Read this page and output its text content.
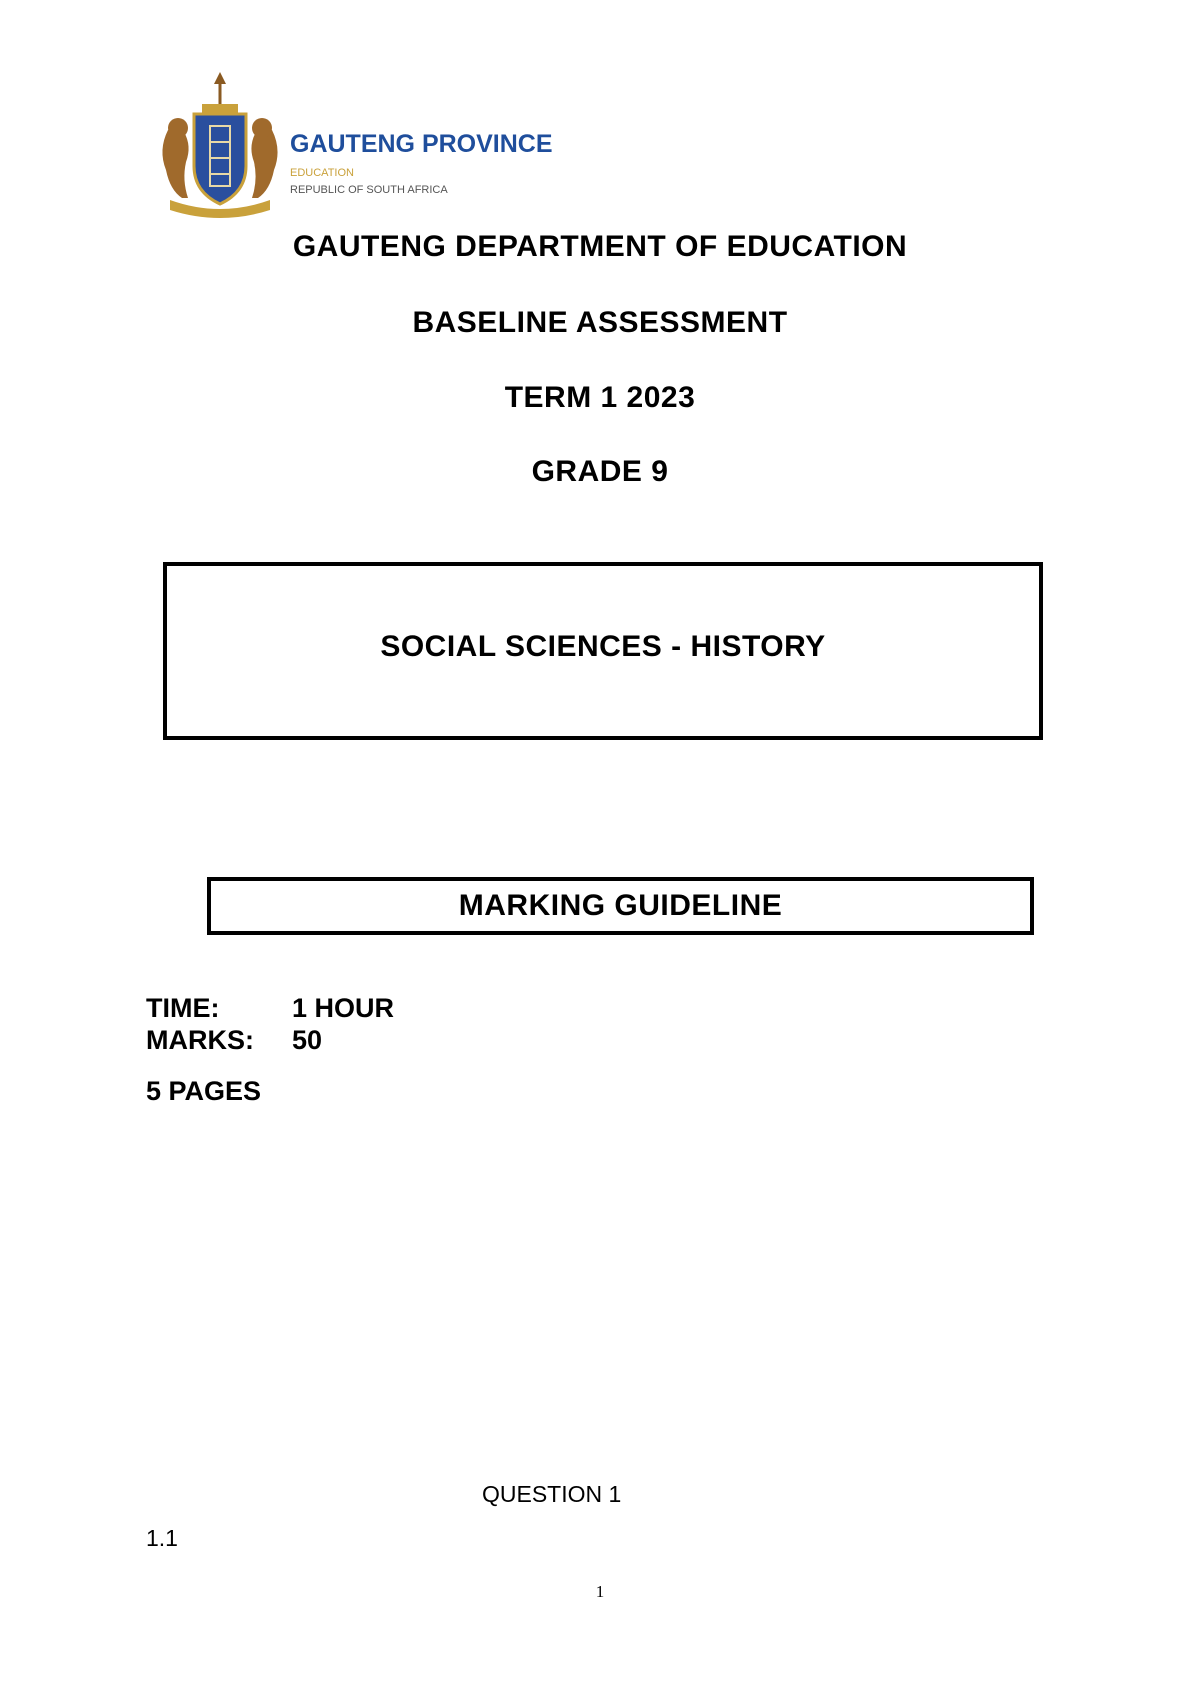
GAUTENG PROVINCE
EDUCATION
REPUBLIC OF SOUTH AFRICA
GAUTENG DEPARTMENT OF EDUCATION
BASELINE ASSESSMENT
TERM 1 2023
GRADE 9
SOCIAL SCIENCES - HISTORY
MARKING GUIDELINE
TIME:	1 HOUR
MARKS: 50
5 PAGES
QUESTION 1
1.1
1
